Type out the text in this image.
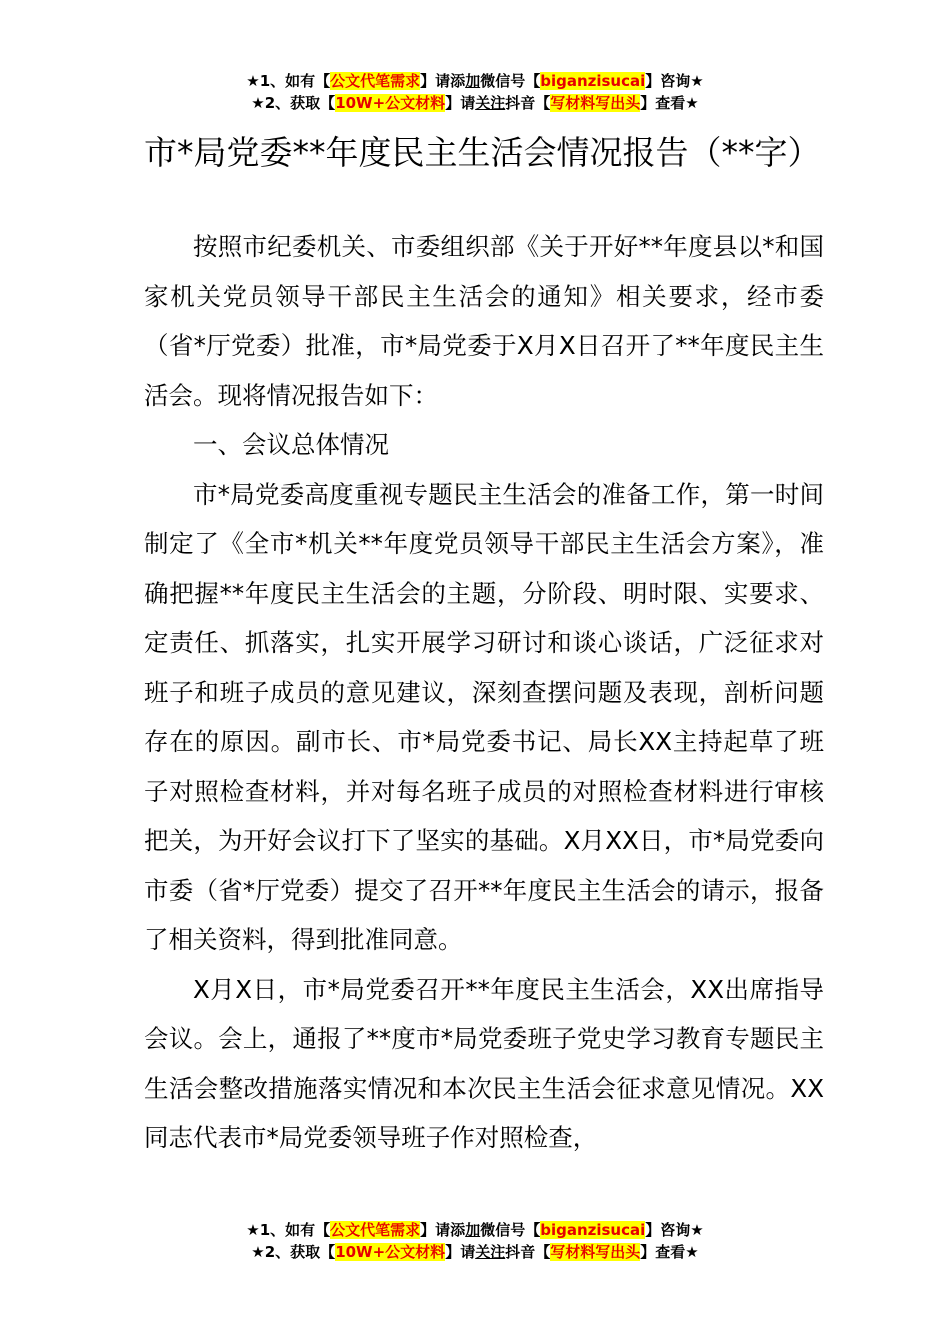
★1、如有【公文代笔需求】请添加微信号【biganzisucai】咨询★
★2、获取【10W+公文材料】请关注抖音【写材料写出头】查看★
市*局党委**年度民主生活会情况报告（**字）

按照市纪委机关、市委组织部《关于开好**年度县以*和国家机关党员领导干部民主生活会的通知》相关要求，经市委（省*厅党委）批准，市*局党委于X月X日召开了**年度民主生活会。现将情况报告如下：

一、会议总体情况

市*局党委高度重视专题民主生活会的准备工作，第一时间制定了《全市*机关**年度党员领导干部民主生活会方案》，准确把握**年度民主生活会的主题，分阶段、明时限、实要求、定责任、抓落实，扎实开展学习研讨和谈心谈话，广泛征求对班子和班子成员的意见建议，深刻查摆问题及表现，剖析问题存在的原因。副市长、市*局党委书记、局长XX主持起草了班子对照检查材料，并对每名班子成员的对照检查材料进行审核把关，为开好会议打下了坚实的基础。X月XX日，市*局党委向市委（省*厅党委）提交了召开**年度民主生活会的请示，报备了相关资料，得到批准同意。

X月X日，市*局党委召开**年度民主生活会，XX出席指导会议。会上，通报了**度市*局党委班子党史学习教育专题民主生活会整改措施落实情况和本次民主生活会征求意见情况。XX同志代表市*局党委领导班子作对照检查，

★1、如有【公文代笔需求】请添加微信号【biganzisucai】咨询★
★2、获取【10W+公文材料】请关注抖音【写材料写出头】查看★
